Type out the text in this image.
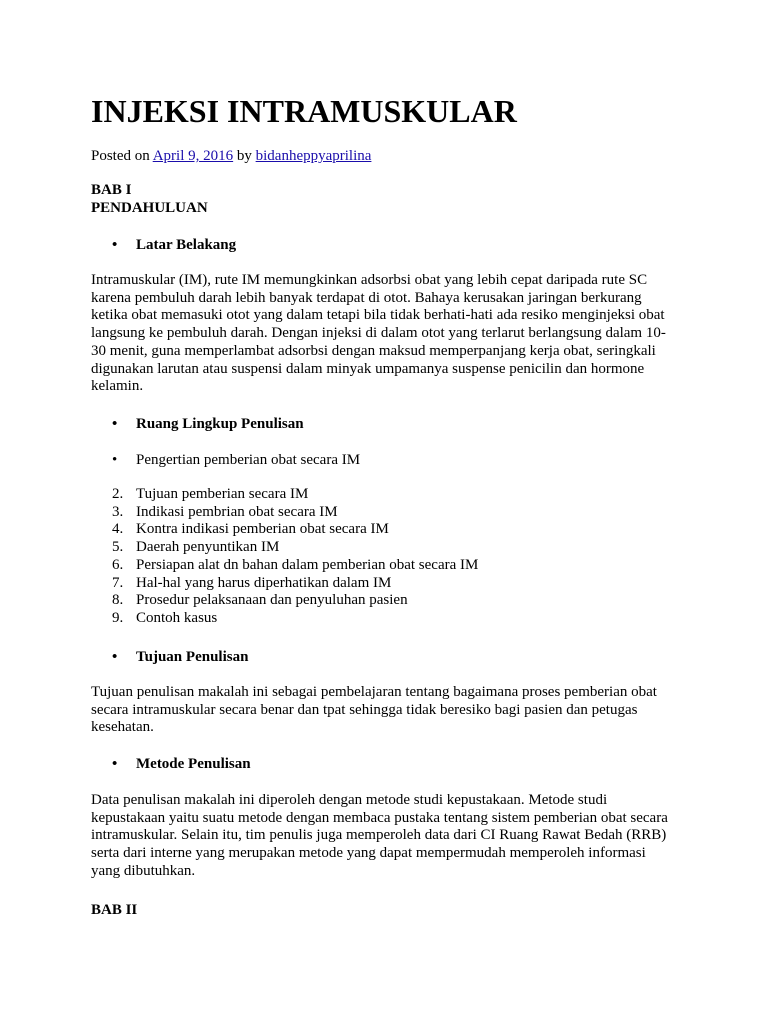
INJEKSI INTRAMUSKULAR
Posted on April 9, 2016 by bidanheppyaprilina
BAB I
PENDAHULUAN
• Latar Belakang

Intramuskular (IM), rute IM memungkinkan adsorbsi obat yang lebih cepat daripada rute SC karena pembuluh darah lebih banyak terdapat di otot. Bahaya kerusakan jaringan berkurang ketika obat memasuki otot yang dalam tetapi bila tidak berhati-hati ada resiko menginjeksi obat langsung ke pembuluh darah. Dengan injeksi di dalam otot yang terlarut berlangsung dalam 10-30 menit, guna memperlambat adsorbsi dengan maksud memperpanjang kerja obat, seringkali digunakan larutan atau suspensi dalam minyak umpamanya suspense penicilin dan hormone kelamin.

• Ruang Lingkup Penulisan
• Pengertian pemberian obat secara IM
2. Tujuan pemberian secara IM
3. Indikasi pembrian obat secara IM
4. Kontra indikasi pemberian obat secara IM
5. Daerah penyuntikan IM
6. Persiapan alat dn bahan dalam pemberian obat secara IM
7. Hal-hal yang harus diperhatikan dalam IM
8. Prosedur pelaksanaan dan penyuluhan pasien
9. Contoh kasus
• Tujuan Penulisan

Tujuan penulisan makalah ini sebagai pembelajaran tentang bagaimana proses pemberian obat secara intramuskular secara benar dan tpat sehingga tidak beresiko bagi pasien dan petugas kesehatan.

• Metode Penulisan

Data penulisan makalah ini diperoleh dengan metode studi kepustakaan. Metode studi kepustakaan yaitu suatu metode dengan membaca pustaka tentang sistem pemberian obat secara intramuskular. Selain itu, tim penulis juga memperoleh data dari CI Ruang Rawat Bedah (RRB) serta dari interne yang merupakan metode yang dapat mempermudah memperoleh informasi yang dibutuhkan.

BAB II
